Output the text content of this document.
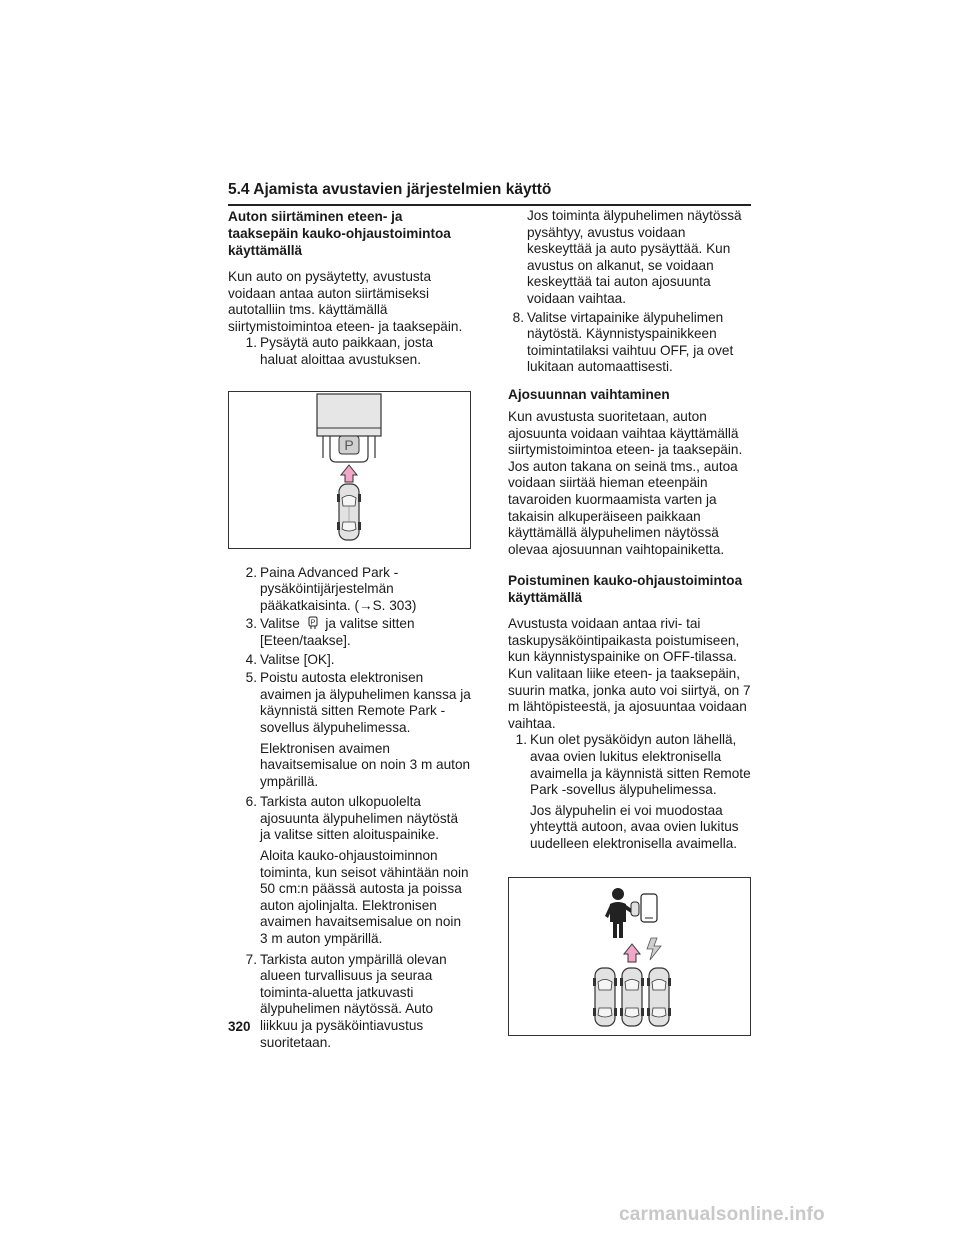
5.4 Ajamista avustavien järjestelmien käyttö
Auton siirtäminen eteen- ja taaksepäin kauko-ohjaustoimintoa käyttämällä

Kun auto on pysäytetty, avustusta voidaan antaa auton siirtämiseksi autotalliin tms. käyttämällä siirtymistoimintoa eteen- ja taaksepäin.

1. Pysäytä auto paikkaan, josta haluat aloittaa avustuksen.
P
2. Paina Advanced Park -pysäköintijärjestelmän pääkatkaisinta. (→S. 303)
3. Valitse P ja valitse sitten [Eteen/taakse].
4. Valitse [OK].
5. Poistu autosta elektronisen avaimen ja älypuhelimen kanssa ja käynnistä sitten Remote Park -sovellus älypuhelimessa.

Elektronisen avaimen havaitsemisalue on noin 3 m auton ympärillä.

6. Tarkista auton ulkopuolelta ajosuunta älypuhelimen näytöstä ja valitse sitten aloituspainike.

Aloita kauko-ohjaustoiminnon toiminta, kun seisot vähintään noin 50 cm:n päässä autosta ja poissa auton ajolinjalta. Elektronisen avaimen havaitsemisalue on noin 3 m auton ympärillä.

7. Tarkista auton ympärillä olevan alueen turvallisuus ja seuraa toiminta-aluetta jatkuvasti älypuhelimen näytössä. Auto liikkuu ja pysäköintiavustus suoritetaan.

Jos toiminta älypuhelimen näytössä pysähtyy, avustus voidaan keskeyttää ja auto pysäyttää. Kun avustus on alkanut, se voidaan keskeyttää tai auton ajosuunta voidaan vaihtaa.

8. Valitse virtapainike älypuhelimen näytöstä. Käynnistyspainikkeen toimintatilaksi vaihtuu OFF, ja ovet lukitaan automaattisesti.
Ajosuunnan vaihtaminen

Kun avustusta suoritetaan, auton ajosuunta voidaan vaihtaa käyttämällä siirtymistoimintoa eteen- ja taaksepäin. Jos auton takana on seinä tms., autoa voidaan siirtää hieman eteenpäin tavaroiden kuormaamista varten ja takaisin alkuperäiseen paikkaan käyttämällä älypuhelimen näytössä olevaa ajosuunnan vaihtopainiketta.

Poistuminen kauko-ohjaustoimintoa käyttämällä

Avustusta voidaan antaa rivi- tai taskupysäköintipaikasta poistumiseen, kun käynnistyspainike on OFF-tilassa. Kun valitaan liike eteen- ja taaksepäin, suurin matka, jonka auto voi siirtyä, on 7 m lähtöpisteestä, ja ajosuuntaa voidaan vaihtaa.

1. Kun olet pysäköidyn auton lähellä, avaa ovien lukitus elektronisella avaimella ja käynnistä sitten Remote Park -sovellus älypuhelimessa.

Jos älypuhelin ei voi muodostaa yhteyttä autoon, avaa ovien lukitus uudelleen elektronisella avaimella.

320
carmanualsonline.info
